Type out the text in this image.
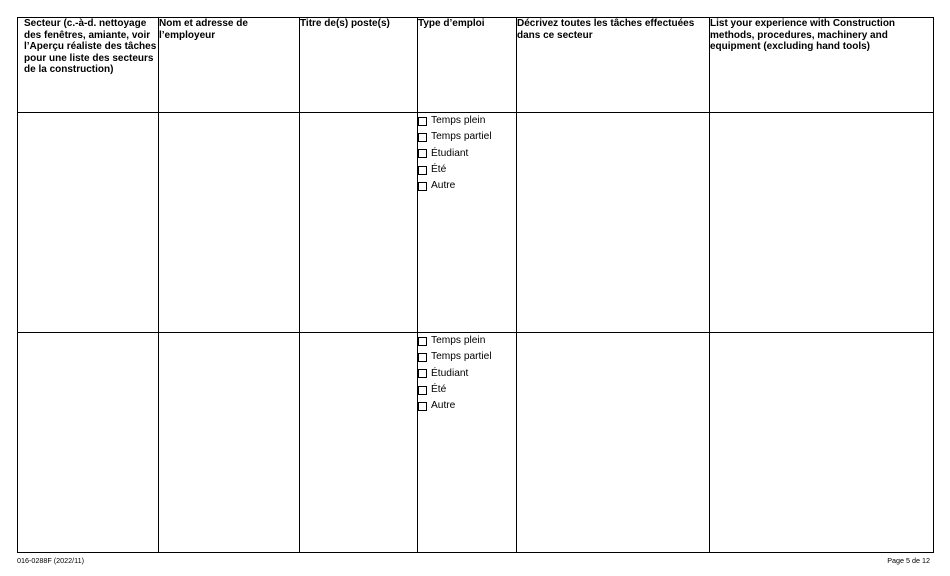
Secteur (c.-à-d. nettoyage des fenêtres, amiante, voir l’Aperçu réaliste des tâches pour une liste des secteurs de la construction)	Nom et adresse de l’employeur	Titre de(s) poste(s)	Type d’emploi	Décrivez toutes les tâches effectuées dans ce secteur	List your experience with Construction methods, procedures, machinery and equipment (excluding hand tools)

			Temps plein
Temps partiel
Étudiant
Été
Autre		

			Temps plein
Temps partiel
Étudiant
Été
Autre		

016-0288F (2022/11)	Page 5 de 12
